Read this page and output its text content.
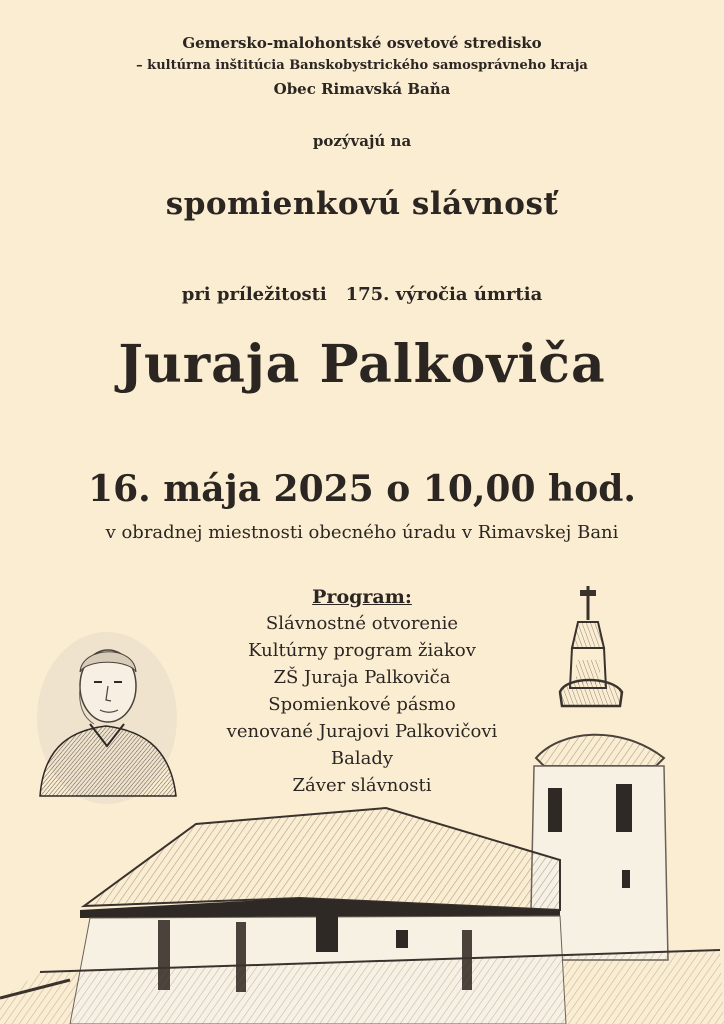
Gemersko-malohontské osvetové stredisko
– kultúrna inštitúcia Banskobystrického samosprávneho kraja
Obec Rimavská Baňa
pozývajú na
spomienkovú slávnosť
pri príležitosti   175. výročia úmrtia
Juraja Palkoviča
16. mája 2025 o 10,00 hod.
v obradnej miestnosti obecného úradu v Rimavskej Bani
Program:
Slávnostné otvorenie
Kultúrny program žiakov
ZŠ Juraja Palkoviča
Spomienkové pásmo
venované Jurajovi Palkovičovi
Balady
Záver slávnosti
